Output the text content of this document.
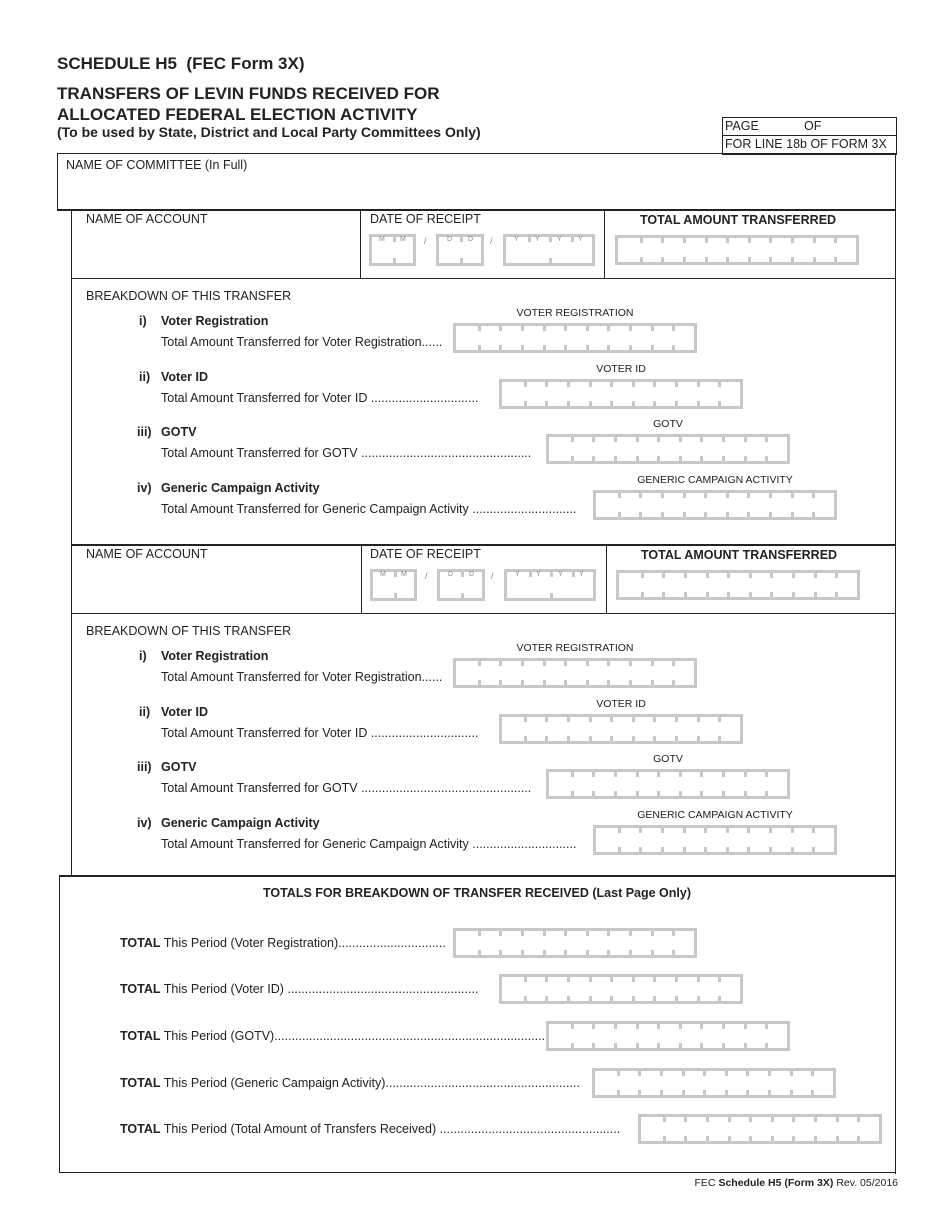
SCHEDULE H5 (FEC Form 3X)
TRANSFERS OF LEVIN FUNDS RECEIVED FOR
ALLOCATED FEDERAL ELECTION ACTIVITY
(To be used by State, District and Local Party Committees Only)	PAGE	OF
FOR LINE 18b OF FORM 3X
NAME OF COMMITTEE (In Full)
NAME OF ACCOUNT	DATE OF RECEIPT	TOTAL AMOUNT TRANSFERRED
M M	D D	Y Y Y Y
/	/
BREAKDOWN OF THIS TRANSFER
i) Voter Registration
Total Amount Transferred for Voter Registration......
VOTER REGISTRATION
ii) Voter ID
Total Amount Transferred for Voter ID ...............................
VOTER ID
iii) GOTV
Total Amount Transferred for GOTV .................................................
GOTV
iv) Generic Campaign Activity
Total Amount Transferred for Generic Campaign Activity ..............................
GENERIC CAMPAIGN ACTIVITY
NAME OF ACCOUNT	DATE OF RECEIPT	TOTAL AMOUNT TRANSFERRED
M M	D D	Y Y Y Y
/	/
BREAKDOWN OF THIS TRANSFER
i) Voter Registration
Total Amount Transferred for Voter Registration......
VOTER REGISTRATION
ii) Voter ID
Total Amount Transferred for Voter ID ...............................
VOTER ID
iii) GOTV
Total Amount Transferred for GOTV .................................................
GOTV
iv) Generic Campaign Activity
Total Amount Transferred for Generic Campaign Activity ..............................
GENERIC CAMPAIGN ACTIVITY
TOTALS FOR BREAKDOWN OF TRANSFER RECEIVED (Last Page Only)
TOTAL This Period (Voter Registration)...............................
TOTAL This Period (Voter ID) .......................................................
TOTAL This Period (GOTV)..............................................................................
TOTAL This Period (Generic Campaign Activity)........................................................
TOTAL This Period (Total Amount of Transfers Received) ....................................................
FEC Schedule H5 (Form 3X) Rev. 05/2016
